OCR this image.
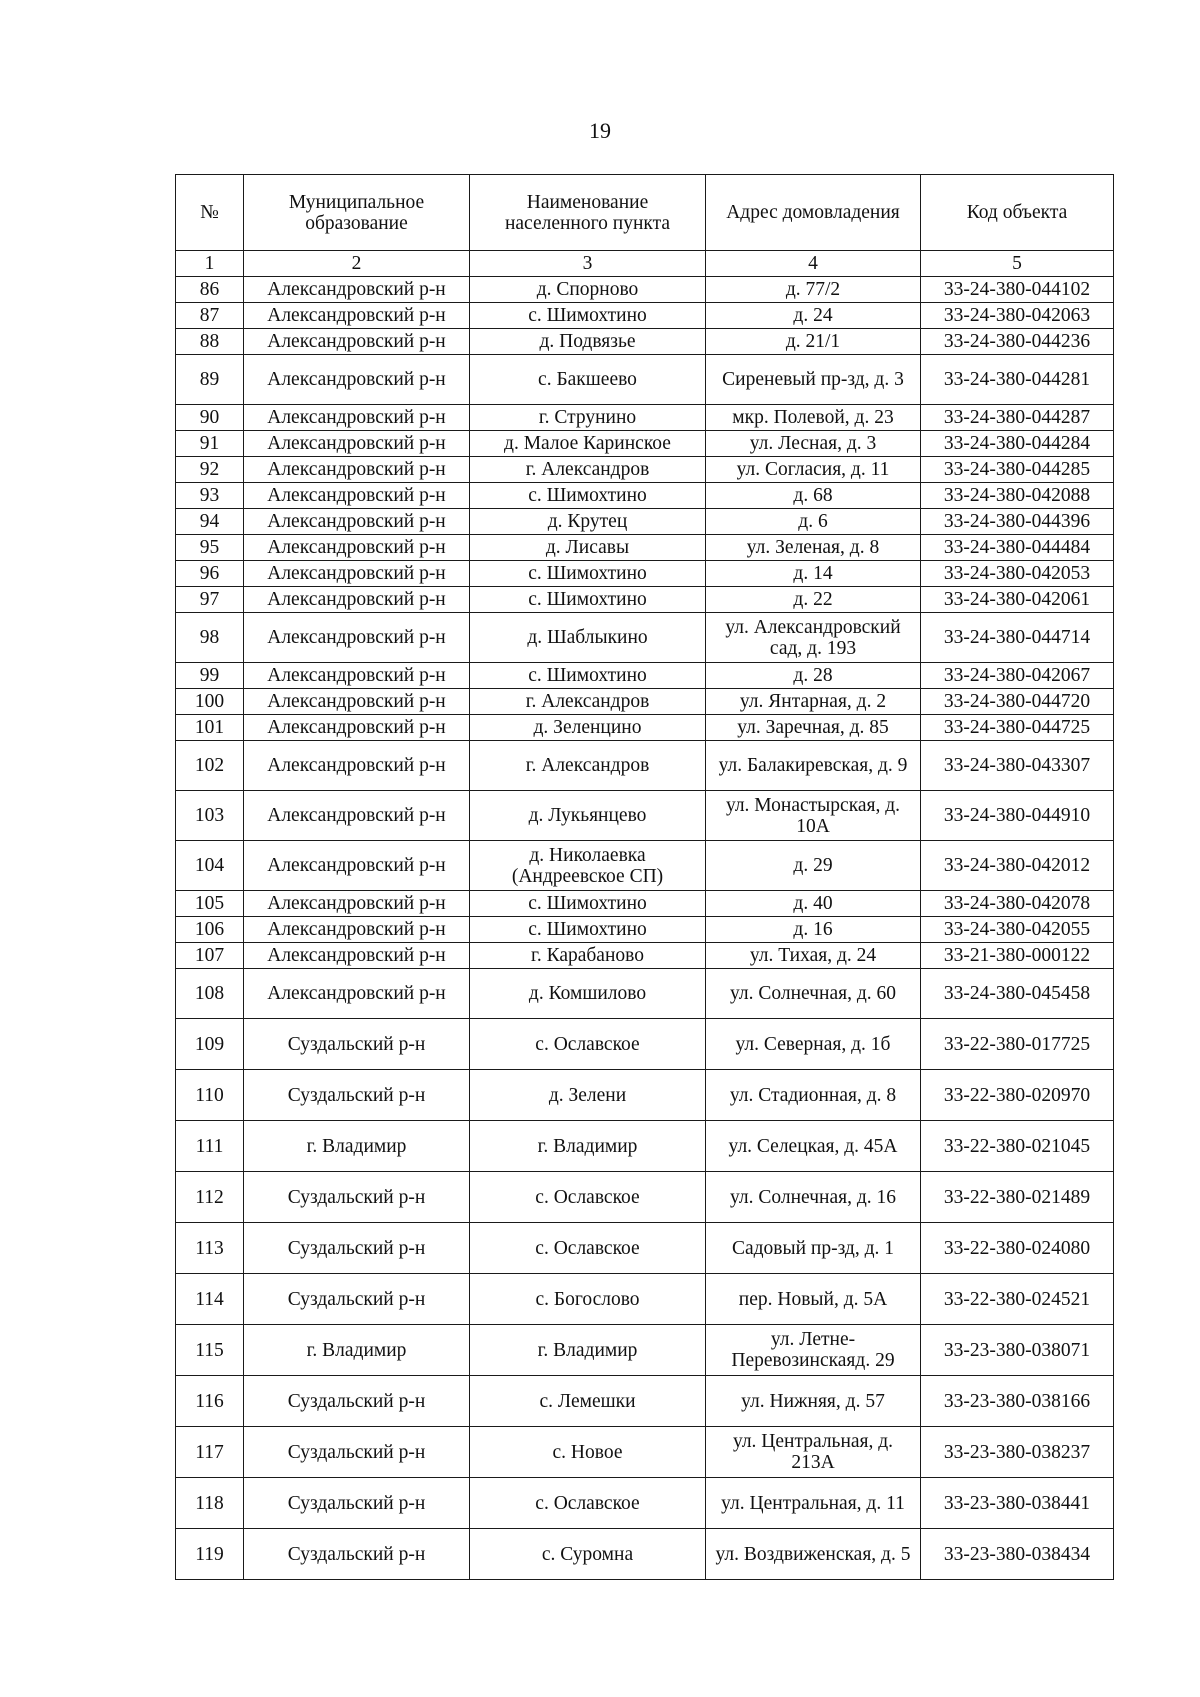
19
№	Муниципальное образование	Наименование населенного пункта	Адрес домовладения	Код объекта
1	2	3	4	5
86	Александровский р-н	д. Спорново	д. 77/2	33-24-380-044102
87	Александровский р-н	с. Шимохтино	д. 24	33-24-380-042063
88	Александровский р-н	д. Подвязье	д. 21/1	33-24-380-044236
89	Александровский р-н	с. Бакшеево	Сиреневый пр-зд, д. 3	33-24-380-044281
90	Александровский р-н	г. Струнино	мкр. Полевой, д. 23	33-24-380-044287
91	Александровский р-н	д. Малое Каринское	ул. Лесная, д. 3	33-24-380-044284
92	Александровский р-н	г. Александров	ул. Согласия, д. 11	33-24-380-044285
93	Александровский р-н	с. Шимохтино	д. 68	33-24-380-042088
94	Александровский р-н	д. Крутец	д. 6	33-24-380-044396
95	Александровский р-н	д. Лисавы	ул. Зеленая, д. 8	33-24-380-044484
96	Александровский р-н	с. Шимохтино	д. 14	33-24-380-042053
97	Александровский р-н	с. Шимохтино	д. 22	33-24-380-042061
98	Александровский р-н	д. Шаблыкино	ул. Александровский сад, д. 193	33-24-380-044714
99	Александровский р-н	с. Шимохтино	д. 28	33-24-380-042067
100	Александровский р-н	г. Александров	ул. Янтарная, д. 2	33-24-380-044720
101	Александровский р-н	д. Зеленцино	ул. Заречная, д. 85	33-24-380-044725
102	Александровский р-н	г. Александров	ул. Балакиревская, д. 9	33-24-380-043307
103	Александровский р-н	д. Лукьянцево	ул. Монастырская, д. 10А	33-24-380-044910
104	Александровский р-н	д. Николаевка (Андреевское СП)	д. 29	33-24-380-042012
105	Александровский р-н	с. Шимохтино	д. 40	33-24-380-042078
106	Александровский р-н	с. Шимохтино	д. 16	33-24-380-042055
107	Александровский р-н	г. Карабаново	ул. Тихая, д. 24	33-21-380-000122
108	Александровский р-н	д. Комшилово	ул. Солнечная, д. 60	33-24-380-045458
109	Суздальский р-н	с. Ославское	ул. Северная, д. 1б	33-22-380-017725
110	Суздальский р-н	д. Зелени	ул. Стадионная, д. 8	33-22-380-020970
111	г. Владимир	г. Владимир	ул. Селецкая, д. 45А	33-22-380-021045
112	Суздальский р-н	с. Ославское	ул. Солнечная, д. 16	33-22-380-021489
113	Суздальский р-н	с. Ославское	Садовый пр-зд, д. 1	33-22-380-024080
114	Суздальский р-н	с. Богослово	пер. Новый, д. 5А	33-22-380-024521
115	г. Владимир	г. Владимир	ул. Летне-Перевозинскаяд. 29	33-23-380-038071
116	Суздальский р-н	с. Лемешки	ул. Нижняя, д. 57	33-23-380-038166
117	Суздальский р-н	с. Новое	ул. Центральная, д. 213А	33-23-380-038237
118	Суздальский р-н	с. Ославское	ул. Центральная, д. 11	33-23-380-038441
119	Суздальский р-н	с. Суромна	ул. Воздвиженская, д. 5	33-23-380-038434
